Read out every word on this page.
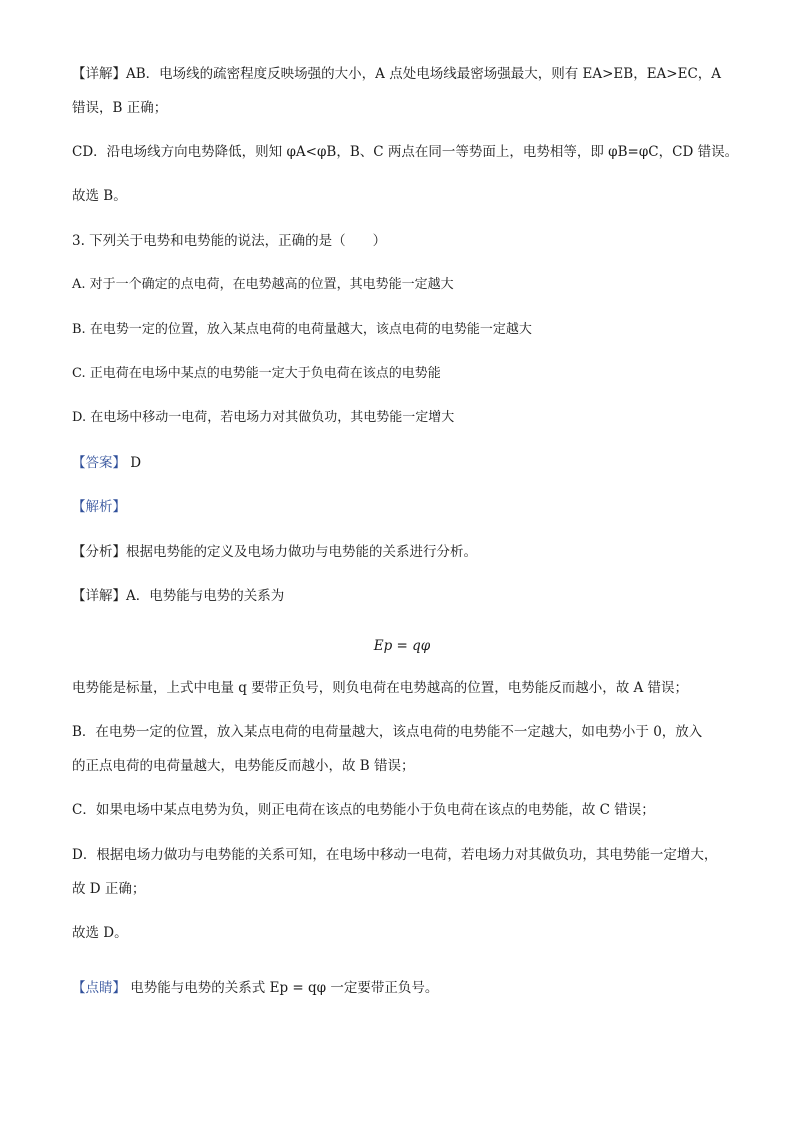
【详解】AB．电场线的疏密程度反映场强的大小，A 点处电场线最密场强最大，则有 EA>EB，EA>EC，A
错误，B 正确；
CD．沿电场线方向电势降低，则知 φA<φB，B、C 两点在同一等势面上，电势相等，即 φB=φC，CD 错误。
故选 B。
3. 下列关于电势和电势能的说法，正确的是（　　）
A. 对于一个确定的点电荷，在电势越高的位置，其电势能一定越大
B. 在电势一定的位置，放入某点电荷的电荷量越大，该点电荷的电势能一定越大
C. 正电荷在电场中某点的电势能一定大于负电荷在该点的电势能
D. 在电场中移动一电荷，若电场力对其做负功，其电势能一定增大
【答案】 D
【解析】
【分析】根据电势能的定义及电场力做功与电势能的关系进行分析。
【详解】A．电势能与电势的关系为
Ep = qφ
电势能是标量，上式中电量 q 要带正负号，则负电荷在电势越高的位置，电势能反而越小，故 A 错误；
B．在电势一定的位置，放入某点电荷的电荷量越大，该点电荷的电势能不一定越大，如电势小于 0，放入
的正点电荷的电荷量越大，电势能反而越小，故 B 错误；
C．如果电场中某点电势为负，则正电荷在该点的电势能小于负电荷在该点的电势能，故 C 错误；
D．根据电场力做功与电势能的关系可知，在电场中移动一电荷，若电场力对其做负功，其电势能一定增大，
故 D 正确；
故选 D。
【点睛】 电势能与电势的关系式 Ep = qφ 一定要带正负号。
